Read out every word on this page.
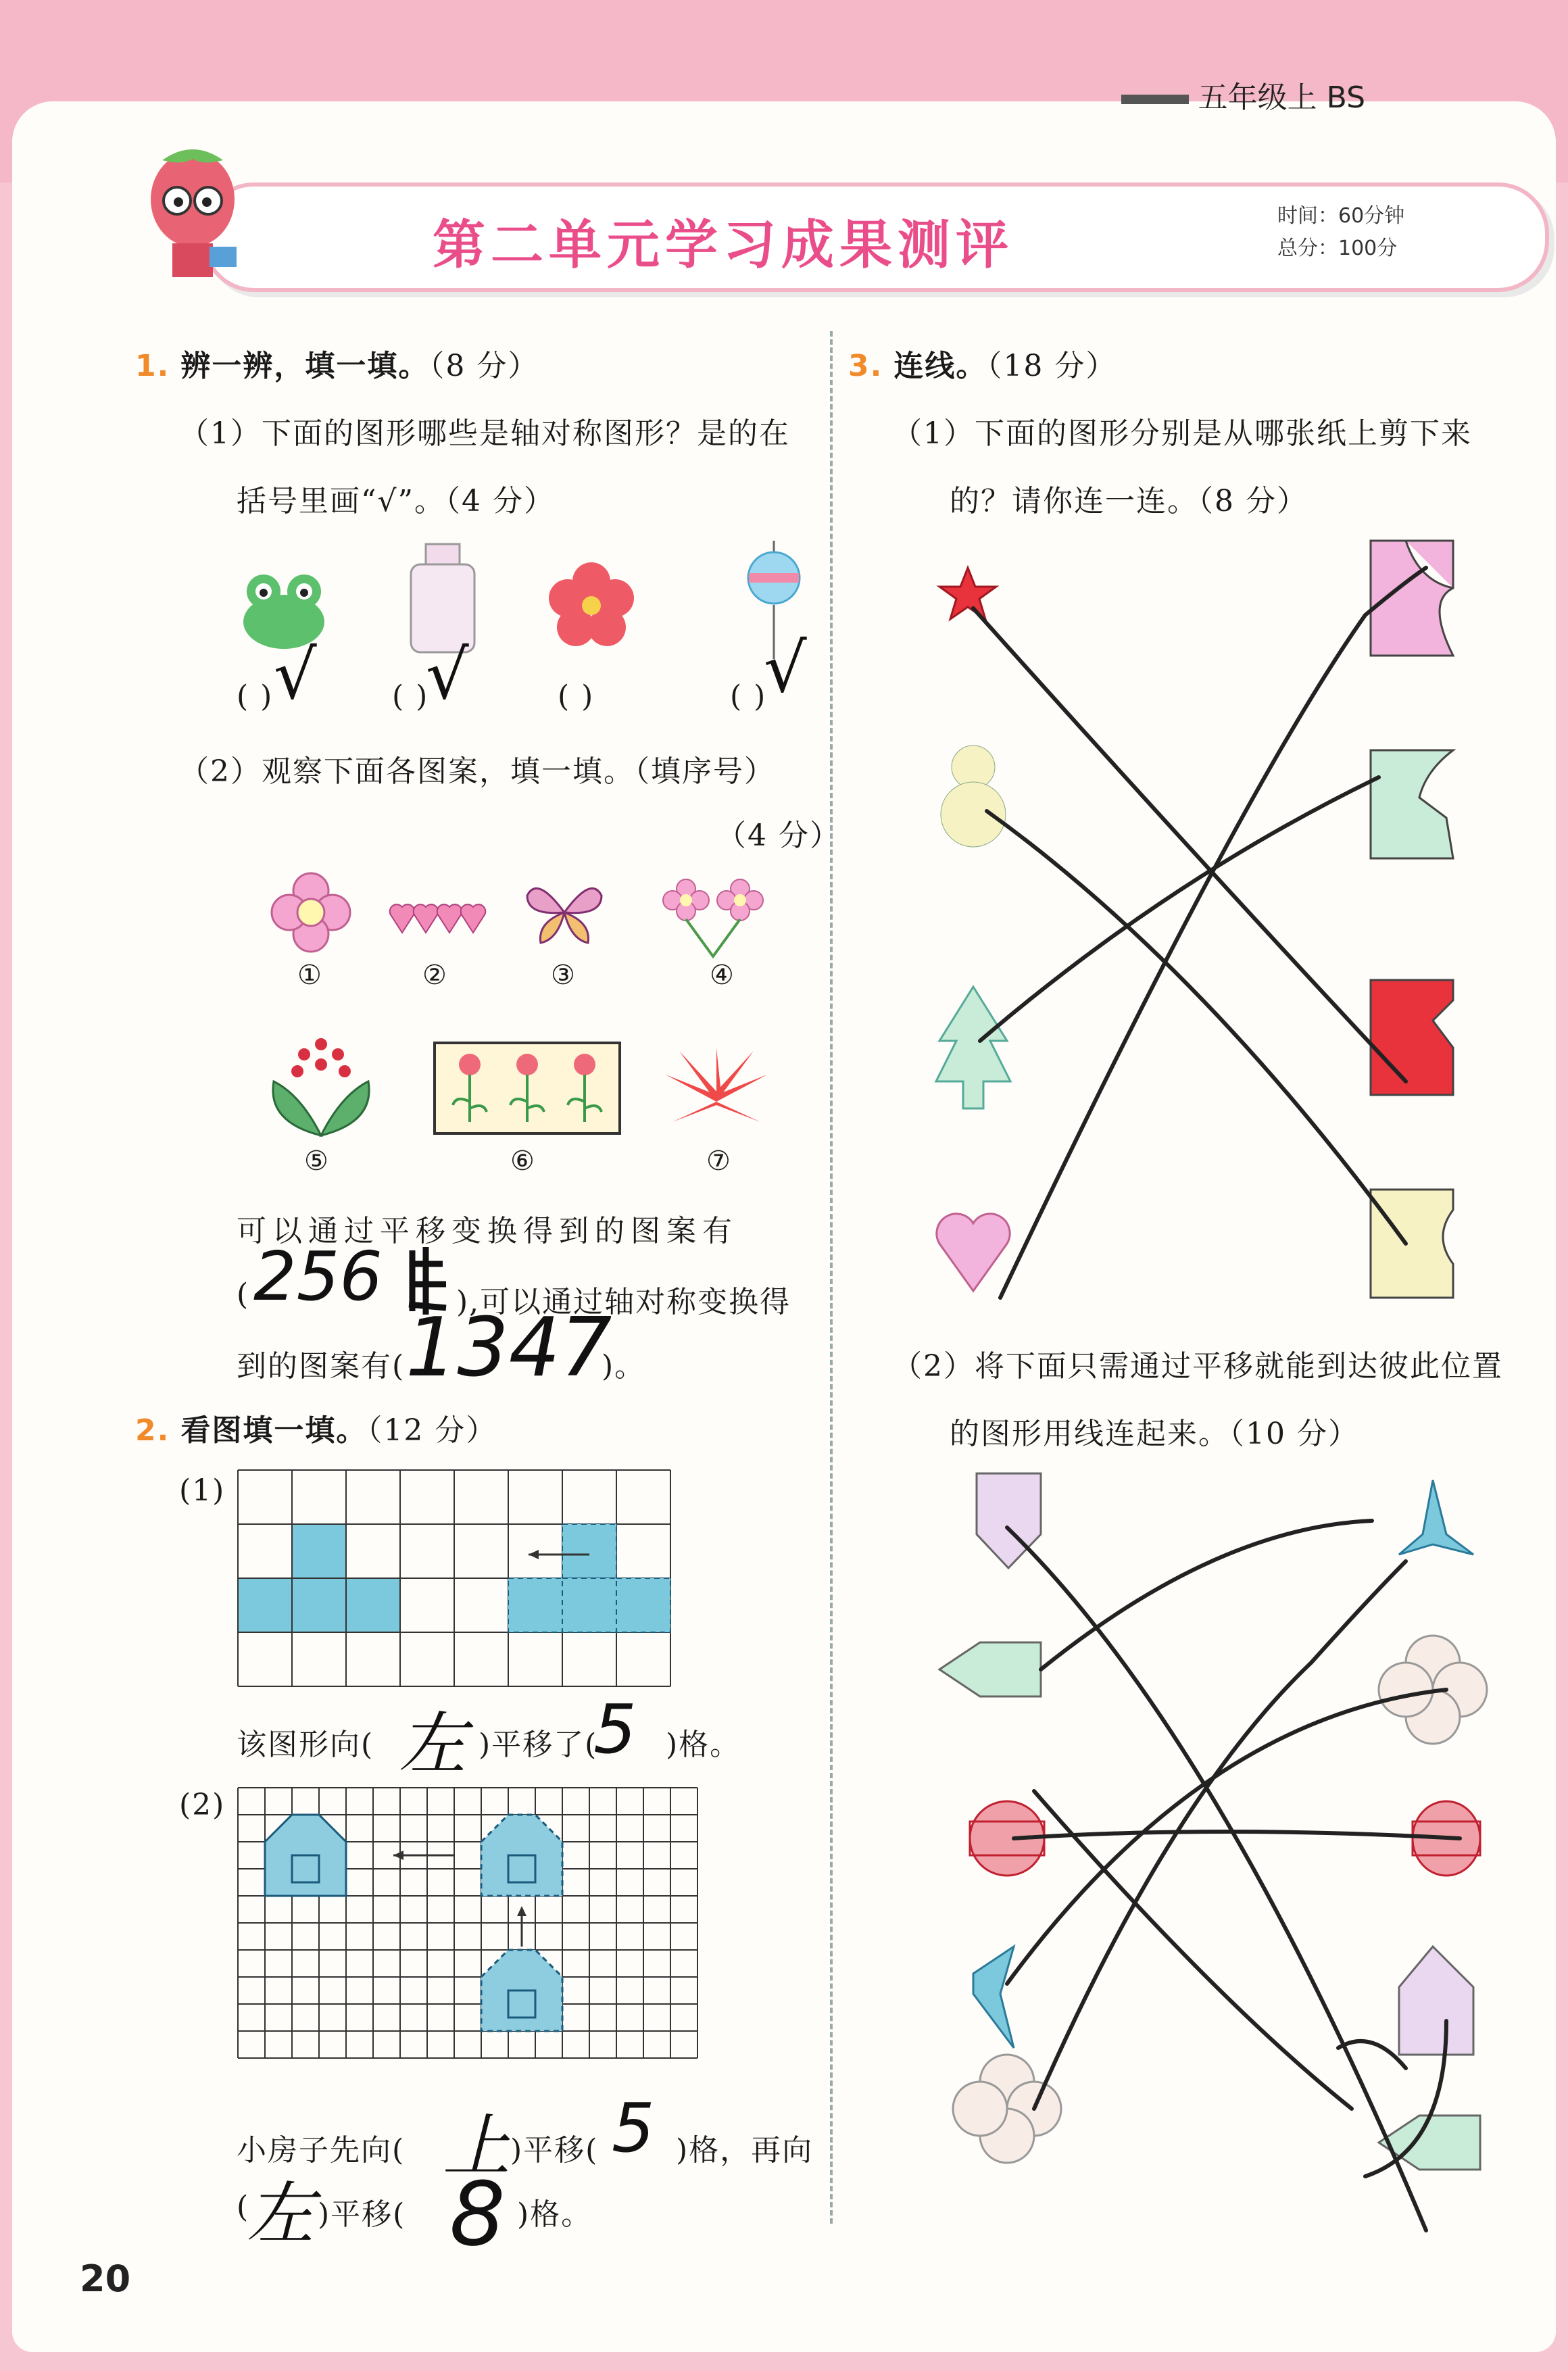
五年级上 BS
第二单元学习成果测评	时间：60分钟
总分：100分
1. 辨一辨，填一填。（8 分）
（1）下面的图形哪些是轴对称图形？是的在
括号里画“√”。（4 分）
( )	( )	( )	( )
√ √	√
（2）观察下面各图案，填一填。（填序号）
（4 分）
①	②	③	④
⑤	⑥	⑦
可以通过平移变换得到的图案有
( 256 ),可以通过轴对称变换得
到的图案有( 1347
)。
2. 看图填一填。（12 分）
(1)
该图形向( 左 )平移了(
5 )格。
(2)
小房子先向( 上 )平移( 5 )格，再向
(
左 )平移( 8 )格。
3. 连线。（18 分）
（1）下面的图形分别是从哪张纸上剪下来
的？请你连一连。（8 分）
（2）将下面只需通过平移就能到达彼此位置
的图形用线连起来。（10 分）
20
